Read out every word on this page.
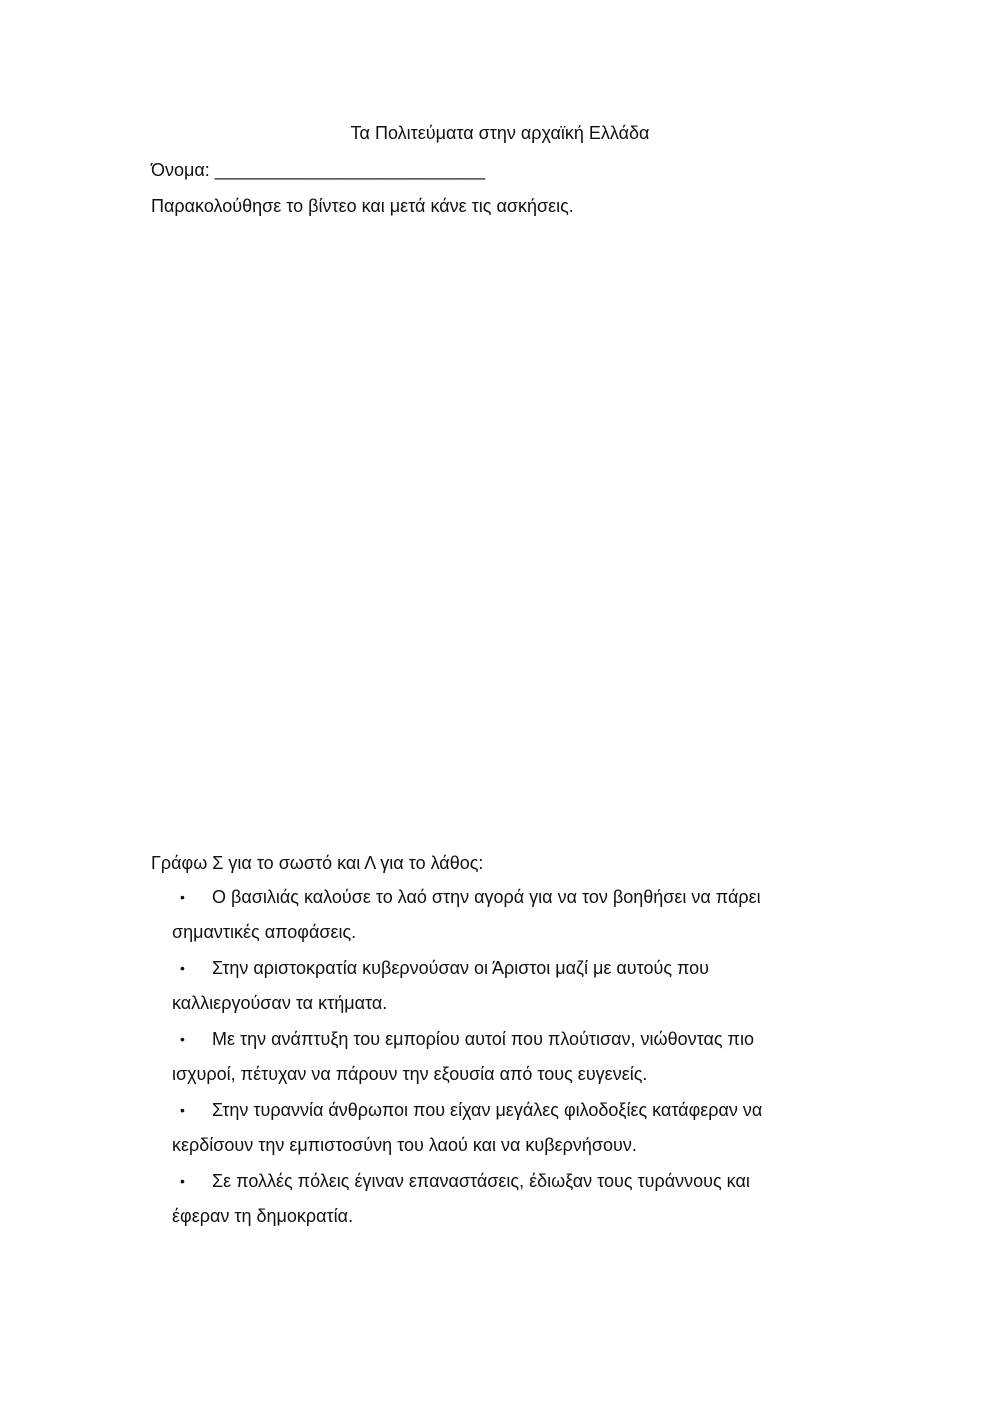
Τα Πολιτεύματα στην αρχαϊκή Ελλάδα
Όνομα: ___________________________
Παρακολούθησε το βίντεο και μετά κάνε τις ασκήσεις.
Γράφω Σ για το σωστό και Λ για το λάθος:
•	Ο βασιλιάς καλούσε το λαό στην αγορά για να τον βοηθήσει να πάρει
σημαντικές αποφάσεις.
•	Στην αριστοκρατία κυβερνούσαν οι Άριστοι μαζί με αυτούς που
καλλιεργούσαν τα κτήματα.
•	Με την ανάπτυξη του εμπορίου αυτοί που πλούτισαν, νιώθοντας πιο
ισχυροί, πέτυχαν να πάρουν την εξουσία από τους ευγενείς.
•	Στην τυραννία άνθρωποι που είχαν μεγάλες φιλοδοξίες κατάφεραν να
κερδίσουν την εμπιστοσύνη του λαού και να κυβερνήσουν.
•	Σε πολλές πόλεις έγιναν επαναστάσεις, έδιωξαν τους τυράννους και
έφεραν τη δημοκρατία.
